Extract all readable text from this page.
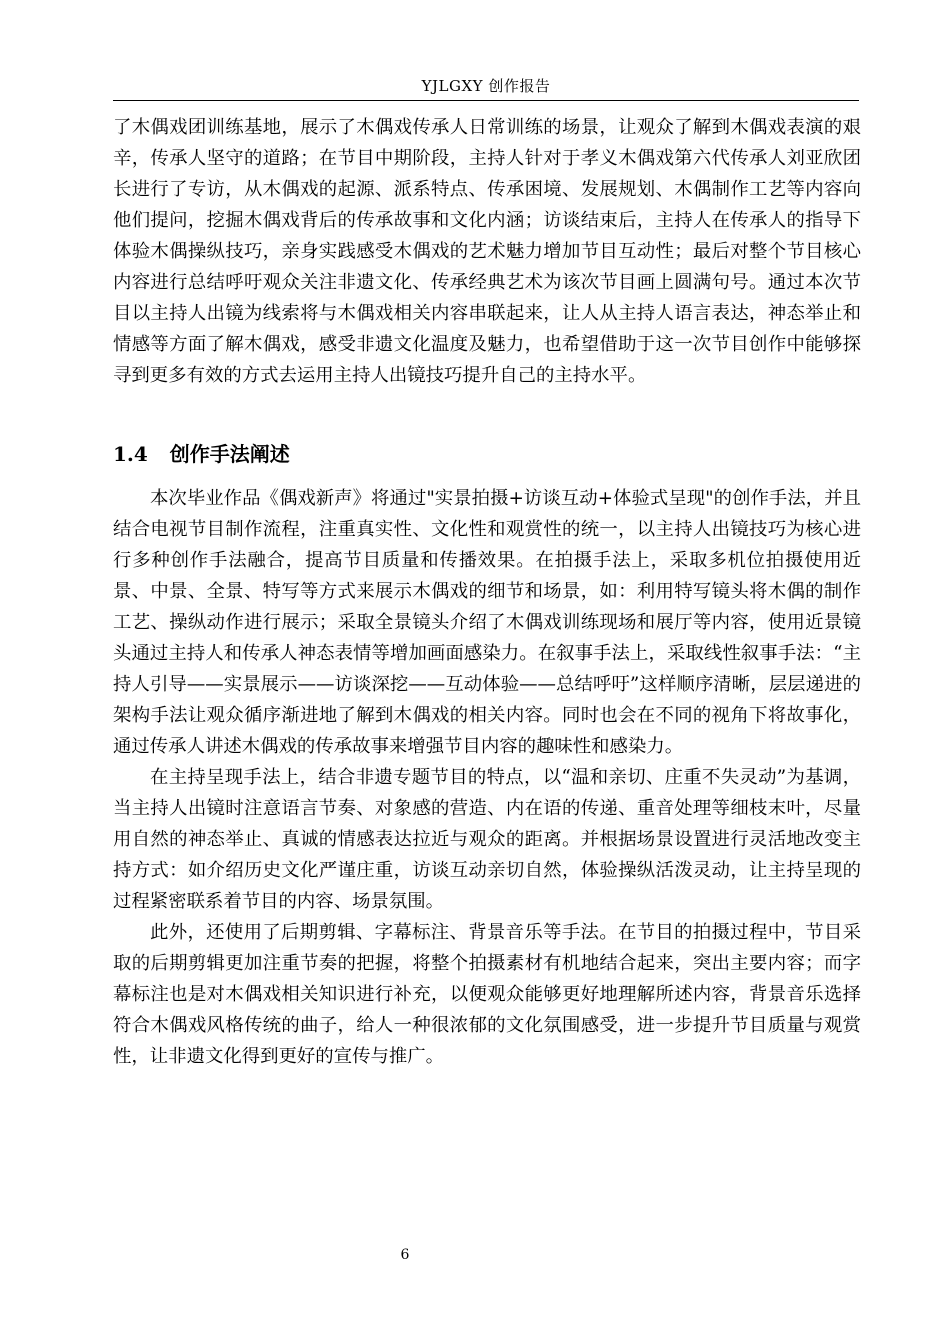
YJLGXY 创作报告

了木偶戏团训练基地，展示了木偶戏传承人日常训练的场景，让观众了解到木偶戏表演的艰辛，传承人坚守的道路；在节目中期阶段，主持人针对于孝义木偶戏第六代传承人刘亚欣团长进行了专访，从木偶戏的起源、派系特点、传承困境、发展规划、木偶制作工艺等内容向他们提问，挖掘木偶戏背后的传承故事和文化内涵；访谈结束后，主持人在传承人的指导下体验木偶操纵技巧，亲身实践感受木偶戏的艺术魅力增加节目互动性；最后对整个节目核心内容进行总结呼吁观众关注非遗文化、传承经典艺术为该次节目画上圆满句号。通过本次节目以主持人出镜为线索将与木偶戏相关内容串联起来，让人从主持人语言表达，神态举止和情感等方面了解木偶戏，感受非遗文化温度及魅力，也希望借助于这一次节目创作中能够探寻到更多有效的方式去运用主持人出镜技巧提升自己的主持水平。

1.4 创作手法阐述

本次毕业作品《偶戏新声》将通过"实景拍摄+访谈互动+体验式呈现"的创作手法，并且结合电视节目制作流程，注重真实性、文化性和观赏性的统一，以主持人出镜技巧为核心进行多种创作手法融合，提高节目质量和传播效果。在拍摄手法上，采取多机位拍摄使用近景、中景、全景、特写等方式来展示木偶戏的细节和场景，如：利用特写镜头将木偶的制作工艺、操纵动作进行展示；采取全景镜头介绍了木偶戏训练现场和展厅等内容，使用近景镜头通过主持人和传承人神态表情等增加画面感染力。在叙事手法上，采取线性叙事手法：“主持人引导——实景展示——访谈深挖——互动体验——总结呼吁”这样顺序清晰，层层递进的架构手法让观众循序渐进地了解到木偶戏的相关内容。同时也会在不同的视角下将故事化，通过传承人讲述木偶戏的传承故事来增强节目内容的趣味性和感染力。

在主持呈现手法上，结合非遗专题节目的特点，以“温和亲切、庄重不失灵动”为基调，当主持人出镜时注意语言节奏、对象感的营造、内在语的传递、重音处理等细枝末叶，尽量用自然的神态举止、真诚的情感表达拉近与观众的距离。并根据场景设置进行灵活地改变主持方式：如介绍历史文化严谨庄重，访谈互动亲切自然，体验操纵活泼灵动，让主持呈现的过程紧密联系着节目的内容、场景氛围。

此外，还使用了后期剪辑、字幕标注、背景音乐等手法。在节目的拍摄过程中，节目采取的后期剪辑更加注重节奏的把握，将整个拍摄素材有机地结合起来，突出主要内容；而字幕标注也是对木偶戏相关知识进行补充，以便观众能够更好地理解所述内容，背景音乐选择符合木偶戏风格传统的曲子，给人一种很浓郁的文化氛围感受，进一步提升节目质量与观赏性，让非遗文化得到更好的宣传与推广。

6
